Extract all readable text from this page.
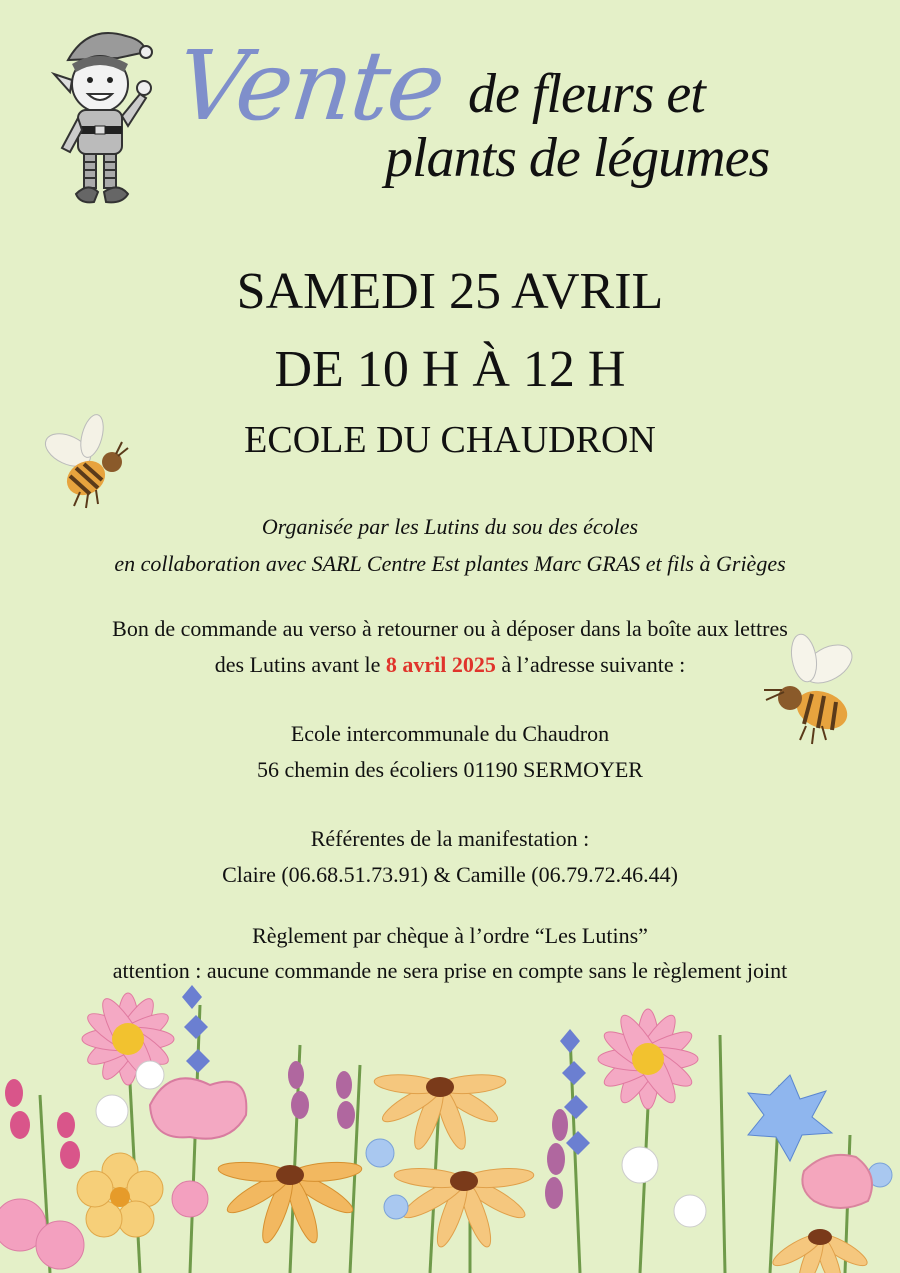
Vente de fleurs et
plants de légumes
SAMEDI 25 AVRIL
DE 10 H À 12 H
ECOLE DU CHAUDRON
Organisée par les Lutins du sou des écoles
en collaboration avec SARL Centre Est plantes Marc GRAS et fils à Grièges
Bon de commande au verso à retourner ou à déposer dans la boîte aux lettres
des Lutins avant le 8 avril 2025 à l’adresse suivante :
Ecole intercommunale du Chaudron
56 chemin des écoliers 01190 SERMOYER
Référentes de la manifestation :
Claire (06.68.51.73.91) & Camille (06.79.72.46.44)
Règlement par chèque à l’ordre “Les Lutins”
attention : aucune commande ne sera prise en compte sans le règlement joint
